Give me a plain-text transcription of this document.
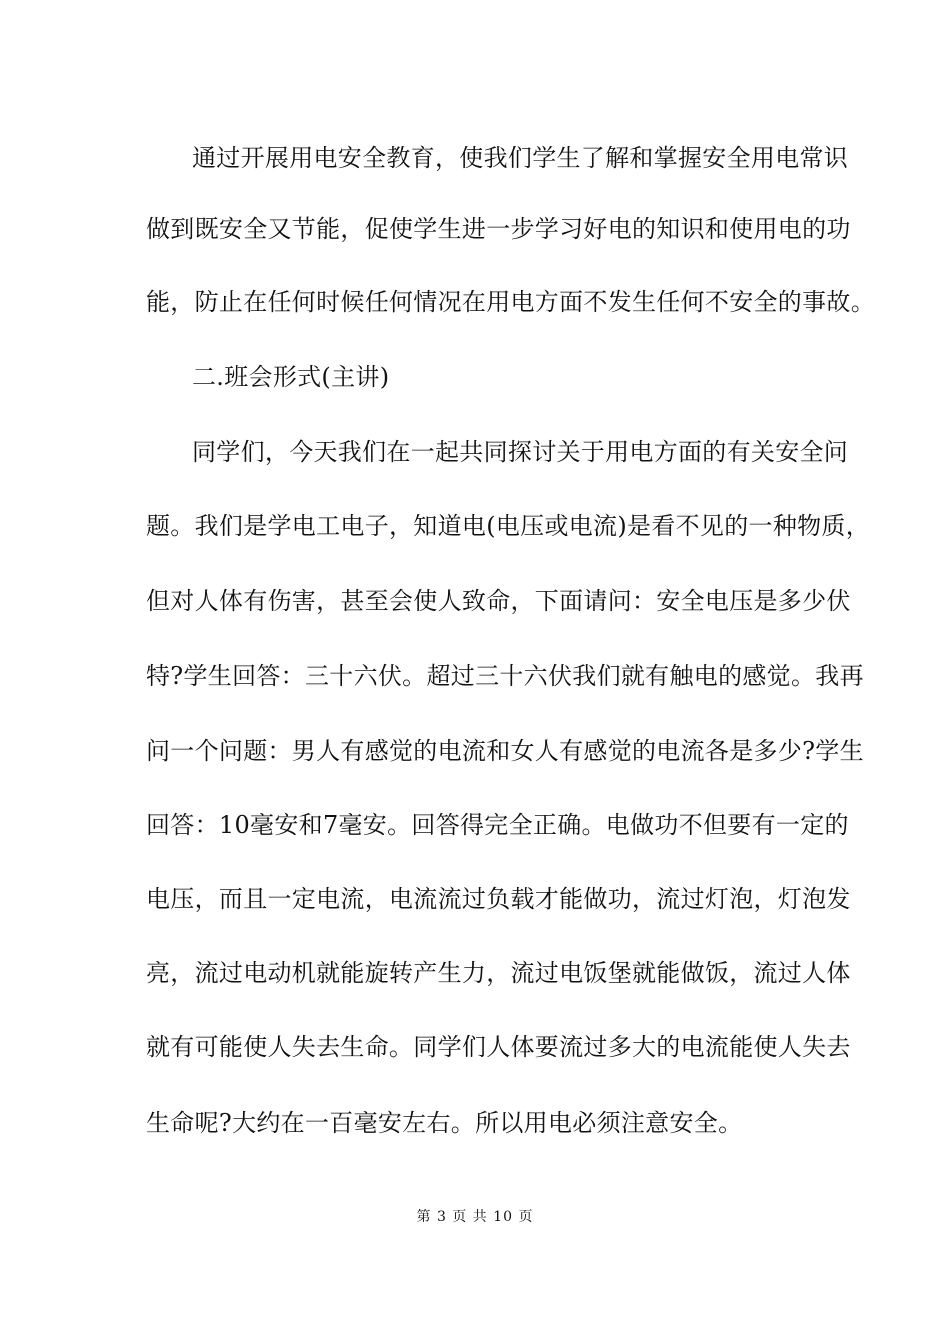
通过开展用电安全教育，使我们学生了解和掌握安全用电常识
做到既安全又节能，促使学生进一步学习好电的知识和使用电的功
能，防止在任何时候任何情况在用电方面不发生任何不安全的事故。
二.班会形式(主讲)
同学们，今天我们在一起共同探讨关于用电方面的有关安全问
题。我们是学电工电子，知道电(电压或电流)是看不见的一种物质，
但对人体有伤害，甚至会使人致命，下面请问：安全电压是多少伏
特?学生回答：三十六伏。超过三十六伏我们就有触电的感觉。我再
问一个问题：男人有感觉的电流和女人有感觉的电流各是多少?学生
回答：10毫安和7毫安。回答得完全正确。电做功不但要有一定的
电压，而且一定电流，电流流过负载才能做功，流过灯泡，灯泡发
亮，流过电动机就能旋转产生力，流过电饭堡就能做饭，流过人体
就有可能使人失去生命。同学们人体要流过多大的电流能使人失去
生命呢?大约在一百毫安左右。所以用电必须注意安全。
第 3 页 共 10 页
